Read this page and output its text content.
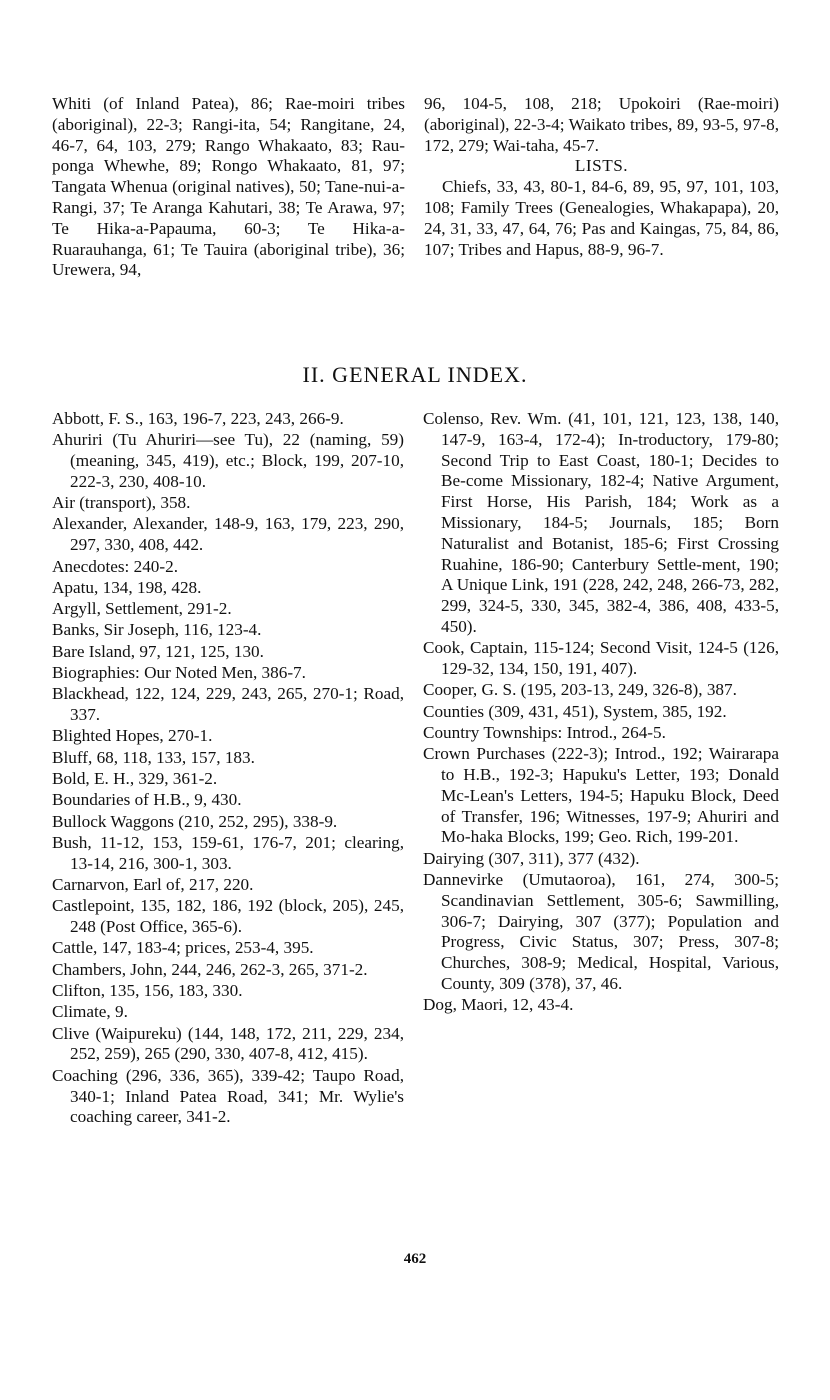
Whiti (of Inland Patea), 86; Rae-moiri tribes (aboriginal), 22-3; Rangi-ita, 54; Rangitane, 24, 46-7, 64, 103, 279; Rango Whakaato, 83; Rau-ponga Whewhe, 89; Rongo Whakaato, 81, 97; Tangata Whenua (original natives), 50; Tane-nui-a-Rangi, 37; Te Aranga Kahutari, 38; Te Arawa, 97; Te Hika-a-Papauma, 60-3; Te Hika-a-Ruarauhanga, 61; Te Tauira (aboriginal tribe), 36; Urewera, 94,

96, 104-5, 108, 218; Upokoiri (Rae-moiri) (aboriginal), 22-3-4; Waikato tribes, 89, 93-5, 97-8, 172, 279; Wai-taha, 45-7.

LISTS.

Chiefs, 33, 43, 80-1, 84-6, 89, 95, 97, 101, 103, 108; Family Trees (Genealogies, Whakapapa), 20, 24, 31, 33, 47, 64, 76; Pas and Kaingas, 75, 84, 86, 107; Tribes and Hapus, 88-9, 96-7.

II. GENERAL INDEX.

Abbott, F. S., 163, 196-7, 223, 243, 266-9.

Ahuriri (Tu Ahuriri—see Tu), 22 (naming, 59) (meaning, 345, 419), etc.; Block, 199, 207-10, 222-3, 230, 408-10.

Air (transport), 358.

Alexander, Alexander, 148-9, 163, 179, 223, 290, 297, 330, 408, 442.

Anecdotes: 240-2.

Apatu, 134, 198, 428.

Argyll, Settlement, 291-2.

Banks, Sir Joseph, 116, 123-4.

Bare Island, 97, 121, 125, 130.

Biographies: Our Noted Men, 386-7.

Blackhead, 122, 124, 229, 243, 265, 270-1; Road, 337.

Blighted Hopes, 270-1.

Bluff, 68, 118, 133, 157, 183.

Bold, E. H., 329, 361-2.

Boundaries of H.B., 9, 430.

Bullock Waggons (210, 252, 295), 338-9.

Bush, 11-12, 153, 159-61, 176-7, 201; clearing, 13-14, 216, 300-1, 303.

Carnarvon, Earl of, 217, 220.

Castlepoint, 135, 182, 186, 192 (block, 205), 245, 248 (Post Office, 365-6).

Cattle, 147, 183-4; prices, 253-4, 395.

Chambers, John, 244, 246, 262-3, 265, 371-2.

Clifton, 135, 156, 183, 330.

Climate, 9.

Clive (Waipureku) (144, 148, 172, 211, 229, 234, 252, 259), 265 (290, 330, 407-8, 412, 415).

Coaching (296, 336, 365), 339-42; Taupo Road, 340-1; Inland Patea Road, 341; Mr. Wylie's coaching career, 341-2.

Colenso, Rev. Wm. (41, 101, 121, 123, 138, 140, 147-9, 163-4, 172-4); In-troductory, 179-80; Second Trip to East Coast, 180-1; Decides to Be-come Missionary, 182-4; Native Argument, First Horse, His Parish, 184; Work as a Missionary, 184-5; Journals, 185; Born Naturalist and Botanist, 185-6; First Crossing Ruahine, 186-90; Canterbury Settle-ment, 190; A Unique Link, 191 (228, 242, 248, 266-73, 282, 299, 324-5, 330, 345, 382-4, 386, 408, 433-5, 450).

Cook, Captain, 115-124; Second Visit, 124-5 (126, 129-32, 134, 150, 191, 407).

Cooper, G. S. (195, 203-13, 249, 326-8), 387.

Counties (309, 431, 451), System, 385, 192.

Country Townships: Introd., 264-5.

Crown Purchases (222-3); Introd., 192; Wairarapa to H.B., 192-3; Hapuku's Letter, 193; Donald Mc-Lean's Letters, 194-5; Hapuku Block, Deed of Transfer, 196; Witnesses, 197-9; Ahuriri and Mo-haka Blocks, 199; Geo. Rich, 199-201.

Dairying (307, 311), 377 (432).

Dannevirke (Umutaoroa), 161, 274, 300-5; Scandinavian Settlement, 305-6; Sawmilling, 306-7; Dairying, 307 (377); Population and Progress, Civic Status, 307; Press, 307-8; Churches, 308-9; Medical, Hospital, Various, County, 309 (378), 37, 46.

Dog, Maori, 12, 43-4.

462
